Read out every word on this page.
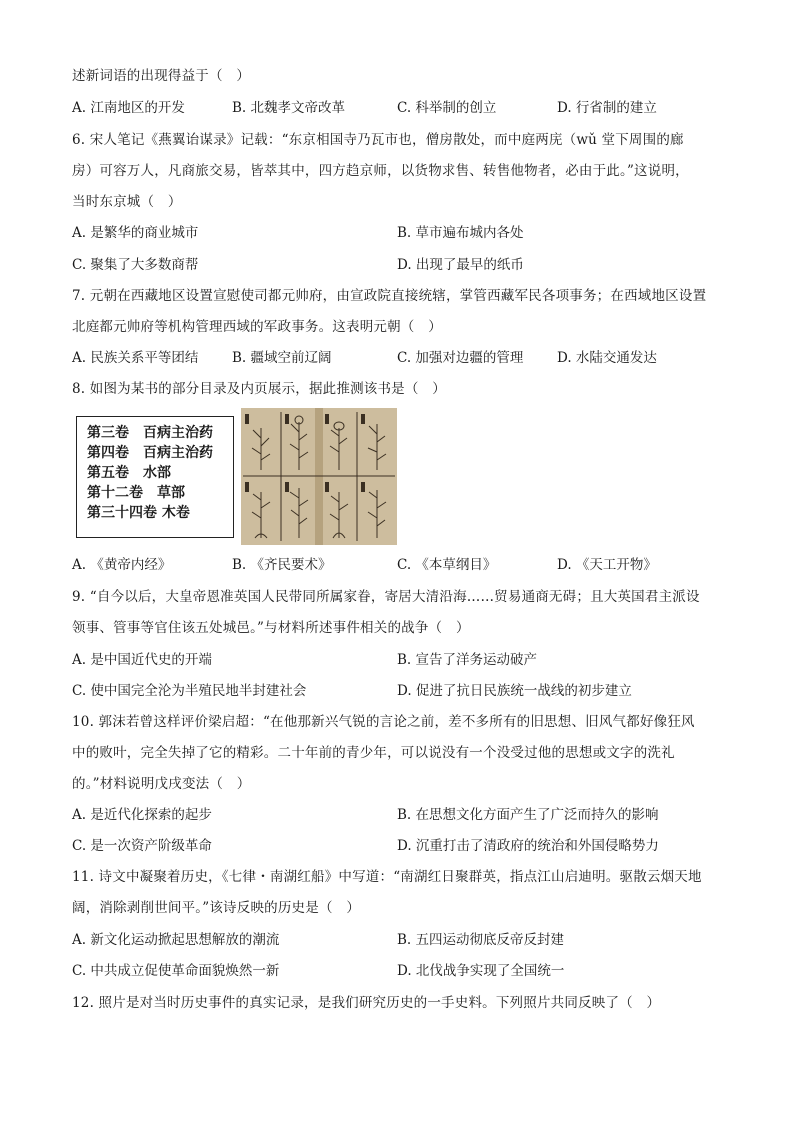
述新词语的出现得益于（　）
A. 江南地区的开发	B. 北魏孝文帝改革	C. 科举制的创立	D. 行省制的建立
6. 宋人笔记《燕翼诒谋录》记载：“东京相国寺乃瓦市也，僧房散处，而中庭两庑（wǔ 堂下周围的廊
房）可容万人，凡商旅交易，皆萃其中，四方趋京师，以货物求售、转售他物者，必由于此。”这说明，
当时东京城（　）
A. 是繁华的商业城市	B. 草市遍布城内各处
C. 聚集了大多数商帮	D. 出现了最早的纸币
7. 元朝在西藏地区设置宣慰使司都元帅府，由宣政院直接统辖，掌管西藏军民各项事务；在西域地区设置
北庭都元帅府等机构管理西域的军政事务。这表明元朝（　）
A. 民族关系平等团结 B. 疆域空前辽阔	C. 加强对边疆的管理 D. 水陆交通发达
8. 如图为某书的部分目录及内页展示，据此推测该书是（　）
第三卷　百病主治药
第四卷　百病主治药
第五卷　水部
第十二卷　草部
第三十四卷 木卷
A. 《黄帝内经》	B. 《齐民要术》	C. 《本草纲目》	D. 《天工开物》
9. “自今以后，大皇帝恩准英国人民带同所属家眷，寄居大清沿海……贸易通商无碍；且大英国君主派设
领事、管事等官住该五处城邑。”与材料所述事件相关的战争（　）
A. 是中国近代史的开端	B. 宣告了洋务运动破产
C. 使中国完全沦为半殖民地半封建社会	D. 促进了抗日民族统一战线的初步建立
10. 郭沫若曾这样评价梁启超：“在他那新兴气锐的言论之前，差不多所有的旧思想、旧风气都好像狂风
中的败叶，完全失掉了它的精彩。二十年前的青少年，可以说没有一个没受过他的思想或文字的洗礼
的。”材料说明戊戌变法（　）
A. 是近代化探索的起步	B. 在思想文化方面产生了广泛而持久的影响
C. 是一次资产阶级革命	D. 沉重打击了清政府的统治和外国侵略势力
11. 诗文中凝聚着历史，《七律・南湖红船》中写道：“南湖红日聚群英，指点江山启迪明。驱散云烟天地
阔，消除剥削世间平。”该诗反映的历史是（　）
A. 新文化运动掀起思想解放的潮流	B. 五四运动彻底反帝反封建
C. 中共成立促使革命面貌焕然一新	D. 北伐战争实现了全国统一
12. 照片是对当时历史事件的真实记录，是我们研究历史的一手史料。下列照片共同反映了（　）
